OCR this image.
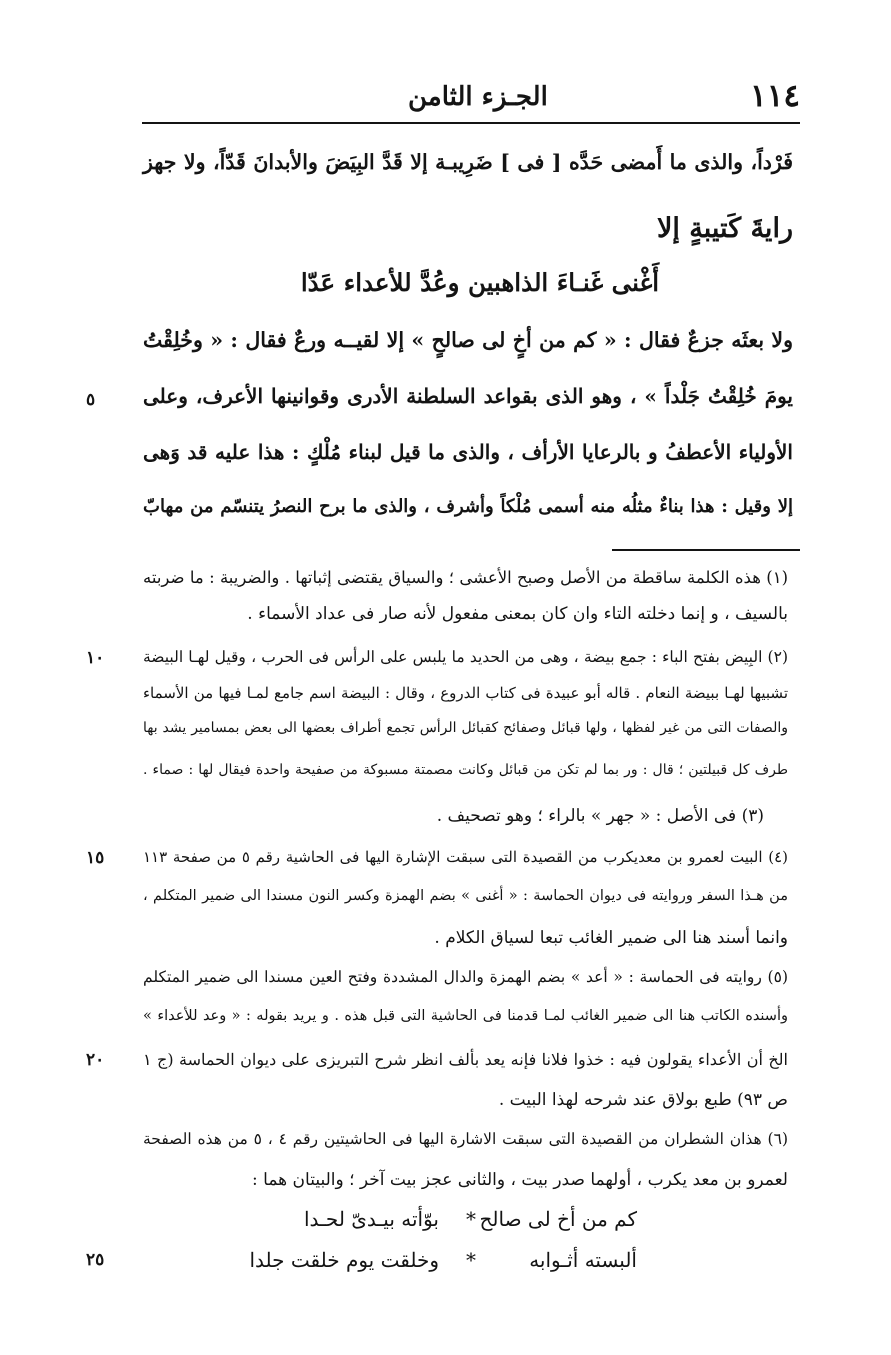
١١٤
الجـزء الثامن
فَرْداً، والذى ما أَمضى حَدَّه [ فى ] ضَرِيبـة إلا قَدَّ البِيَضَ والأبدانَ قَدّاً، ولا جهز
رايةَ كَتيبةٍ إلا
أَغْنى غَنـاءَ الذاهبين وعُدَّ للأعداء عَدّا
ولا بعثَه جزعٌ فقال : « كم من أخٍ لى صالحٍ » إلا لقيــه ورعٌ فقال : « وخُلِقْتُ
يومَ خُلِقْتُ جَلْداً » ، وهو الذى بقواعد السلطنة الأدرى وقوانينها الأعرف، وعلى
الأولياء الأعطفُ و بالرعايا الأرأف ، والذى ما قيل لبناء مُلْكٍ : هذا عليه قد وَهى
إلا وقيل : هذا بناءٌ مثلُه منه أسمى مُلْكاً وأشرف ، والذى ما برح النصرُ يتنسّم من مهابّ
٥
١٠
١٥
٢٠
٢٥
(١) هذه الكلمة ساقطة من الأصل وصبح الأعشى ؛ والسياق يقتضى إثباتها . والضريبة : ما ضربته
بالسيف ، و إنما دخلته التاء وان كان بمعنى مفعول لأنه صار فى عداد الأسماء .
(٢) البِيض بفتح الباء : جمع بيضة ، وهى من الحديد ما يلبس على الرأس فى الحرب ، وقيل لهـا البيضة
تشبيها لهـا ببيضة النعام . قاله أبو عبيدة فى كتاب الدروع ، وقال : البيضة اسم جامع لمـا فيها من الأسماء
والصفات التى من غير لفظها ، ولها قبائل وصفائح كقبائل الرأس تجمع أطراف بعضها الى بعض بمسامير يشد بها
طرف كل قبيلتين ؛ قال : ور بما لم تكن من قبائل وكانت مصمتة مسبوكة من صفيحة واحدة فيقال لها : صماء .
(٣) فى الأصل : « جهر » بالراء ؛ وهو تصحيف .
(٤) البيت لعمرو بن معديكرب من القصيدة التى سبقت الإشارة اليها فى الحاشية رقم ٥ من صفحة ١١٣
من هـذا السفر وروايته فى ديوان الحماسة : « أغنى » بضم الهمزة وكسر النون مسندا الى ضمير المتكلم ،
وانما أسند هنا الى ضمير الغائب تبعا لسياق الكلام .
(٥) روايته فى الحماسة : « أعد » بضم الهمزة والدال المشددة وفتح العين مسندا الى ضمير المتكلم
وأسنده الكاتب هنا الى ضمير الغائب لمـا قدمنا فى الحاشية التى قبل هذه . و يريد بقوله : « وعد للأعداء »
الخ أن الأعداء يقولون فيه : خذوا فلانا فإنه يعد بألف انظر شرح التبريزى على ديوان الحماسة (ج ١
ص ٩٣) طبع بولاق عند شرحه لهذا البيت .
(٦) هذان الشطران من القصيدة التى سبقت الاشارة اليها فى الحاشيتين رقم ٤ ، ٥ من هذه الصفحة
لعمرو بن معد يكرب ، أولهما صدر بيت ، والثانى عجز بيت آخر ؛ والبيتان هما :
كم من أخ لى صالح
*
بوّأته بيـدىّ لحـدا
ألبسته أثـوابه
*
وخلقت يوم خلقت جلدا
